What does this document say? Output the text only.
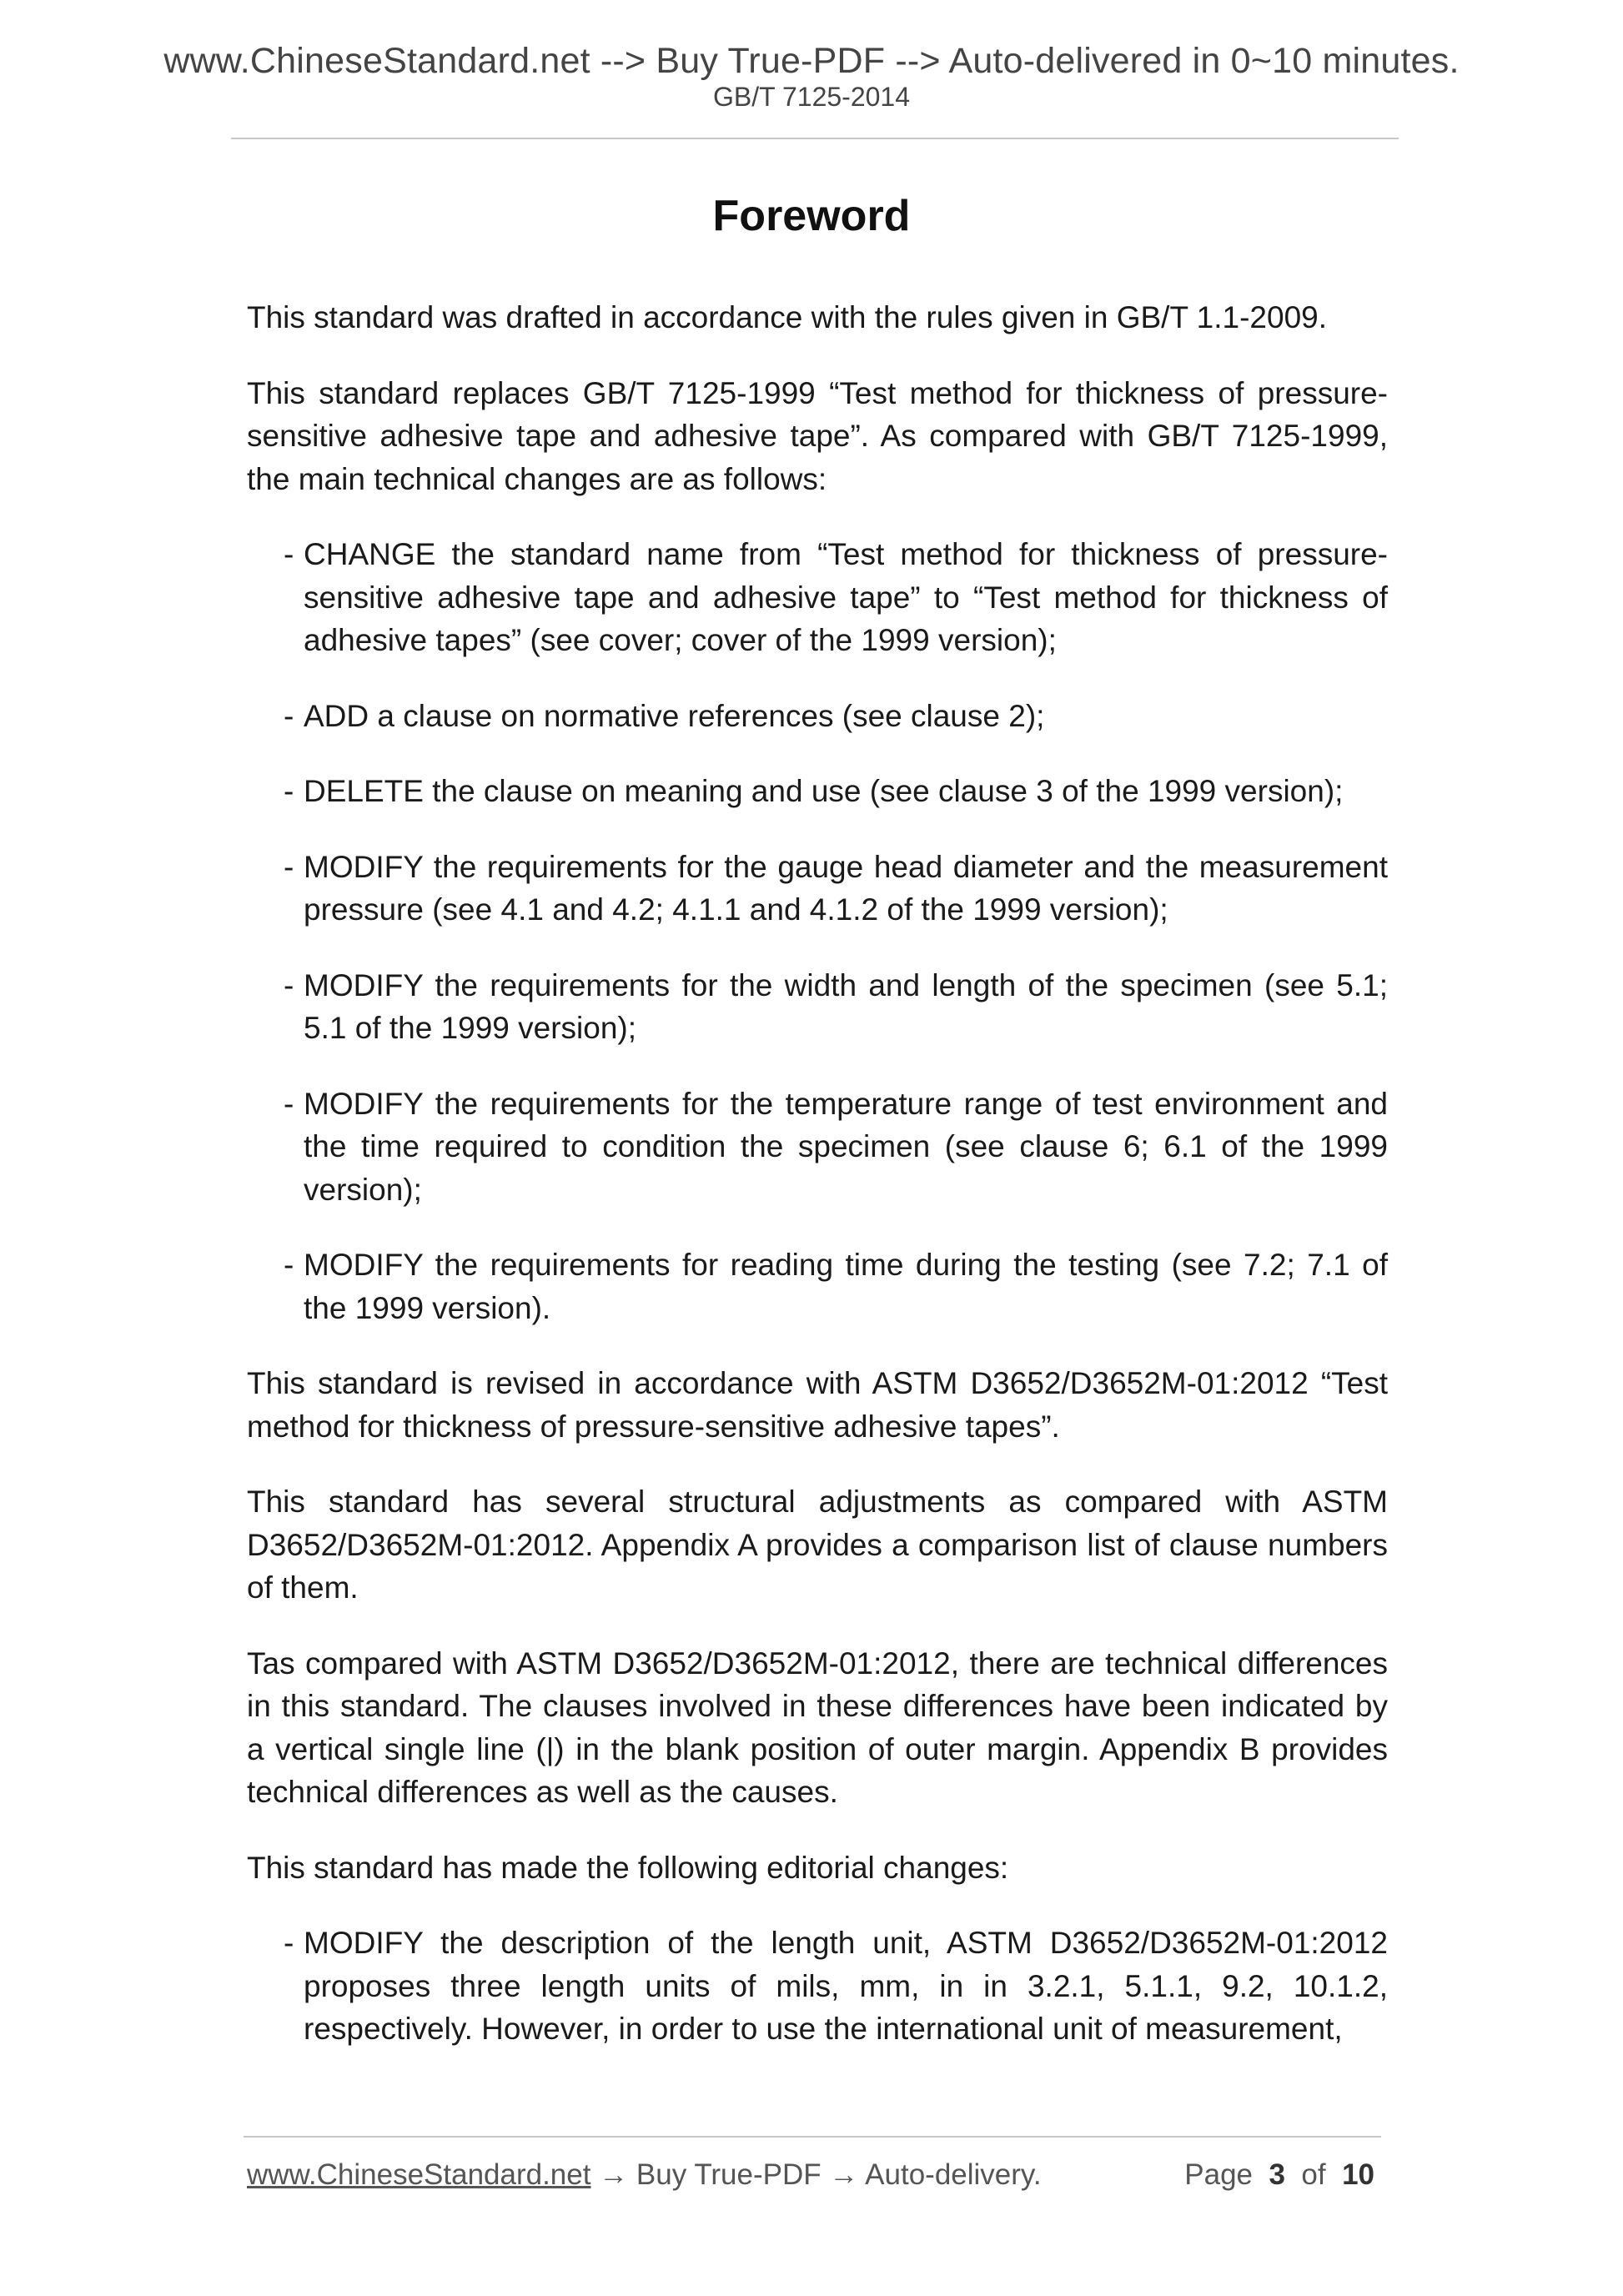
www.ChineseStandard.net --> Buy True-PDF --> Auto-delivered in 0~10 minutes.
GB/T 7125-2014
Foreword

This standard was drafted in accordance with the rules given in GB/T 1.1-2009.

This standard replaces GB/T 7125-1999 “Test method for thickness of pressure-sensitive adhesive tape and adhesive tape”. As compared with GB/T 7125-1999, the main technical changes are as follows:

- CHANGE the standard name from “Test method for thickness of pressure-sensitive adhesive tape and adhesive tape” to “Test method for thickness of adhesive tapes” (see cover; cover of the 1999 version);
- ADD a clause on normative references (see clause 2);
- DELETE the clause on meaning and use (see clause 3 of the 1999 version);
- MODIFY the requirements for the gauge head diameter and the measurement pressure (see 4.1 and 4.2; 4.1.1 and 4.1.2 of the 1999 version);
- MODIFY the requirements for the width and length of the specimen (see 5.1; 5.1 of the 1999 version);
- MODIFY the requirements for the temperature range of test environment and the time required to condition the specimen (see clause 6; 6.1 of the 1999 version);
- MODIFY the requirements for reading time during the testing (see 7.2; 7.1 of the 1999 version).

This standard is revised in accordance with ASTM D3652/D3652M-01:2012 “Test method for thickness of pressure-sensitive adhesive tapes”.

This standard has several structural adjustments as compared with ASTM D3652/D3652M-01:2012. Appendix A provides a comparison list of clause numbers of them.

Tas compared with ASTM D3652/D3652M-01:2012, there are technical differences in this standard. The clauses involved in these differences have been indicated by a vertical single line (|) in the blank position of outer margin. Appendix B provides technical differences as well as the causes.

This standard has made the following editorial changes:

- MODIFY the description of the length unit, ASTM D3652/D3652M-01:2012 proposes three length units of mils, mm, in in 3.2.1, 5.1.1, 9.2, 10.1.2, respectively. However, in order to use the international unit of measurement,
www.ChineseStandard.net → Buy True-PDF → Auto-delivery.	Page 3 of 10
